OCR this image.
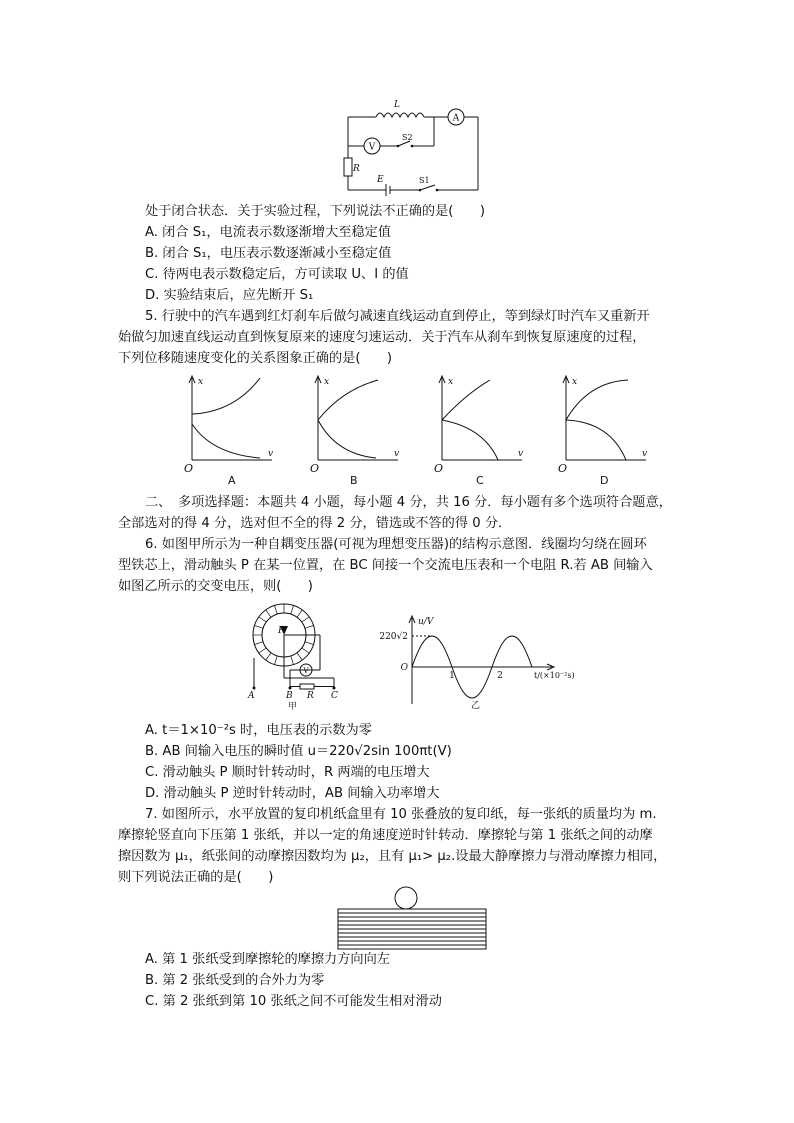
L
A
V
S2
R
E	S1
处于闭合状态．关于实验过程，下列说法不正确的是(　　)
A. 闭合 S₁，电流表示数逐渐增大至稳定值
B. 闭合 S₁，电压表示数逐渐减小至稳定值
C. 待两电表示数稳定后，方可读取 U、I 的值
D. 实验结束后，应先断开 S₁
5. 行驶中的汽车遇到红灯刹车后做匀减速直线运动直到停止，等到绿灯时汽车又重新开
始做匀加速直线运动直到恢复原来的速度匀速运动．关于汽车从刹车到恢复原速度的过程，
下列位移随速度变化的关系图象正确的是(　　)
x
v
O
A
x
v
O
B
x
v
O
C
x
v
O
D
二、　多项选择题：本题共 4 小题，每小题 4 分，共 16 分．每小题有多个选项符合题意，
全部选对的得 4 分，选对但不全的得 2 分，错选或不答的得 0 分．
6. 如图甲所示为一种自耦变压器(可视为理想变压器)的结构示意图．线圈均匀绕在圆环
型铁芯上，滑动触头 P 在某一位置，在 BC 间接一个交流电压表和一个电阻 R.若 AB 间输入
如图乙所示的交变电压，则(　　)
P
V
A	B R C
甲
u/V
220√2
O
1	2	t/(×10⁻²s)
乙
A. t＝1×10⁻²s 时，电压表的示数为零
B. AB 间输入电压的瞬时值 u＝220√2sin 100πt(V)
C. 滑动触头 P 顺时针转动时，R 两端的电压增大
D. 滑动触头 P 逆时针转动时，AB 间输入功率增大
7. 如图所示，水平放置的复印机纸盒里有 10 张叠放的复印纸，每一张纸的质量均为 m.
摩擦轮竖直向下压第 1 张纸，并以一定的角速度逆时针转动．摩擦轮与第 1 张纸之间的动摩
擦因数为 μ₁，纸张间的动摩擦因数均为 μ₂，且有 μ₁> μ₂.设最大静摩擦力与滑动摩擦力相同，
则下列说法正确的是(　　)
A. 第 1 张纸受到摩擦轮的摩擦力方向向左
B. 第 2 张纸受到的合外力为零
C. 第 2 张纸到第 10 张纸之间不可能发生相对滑动
